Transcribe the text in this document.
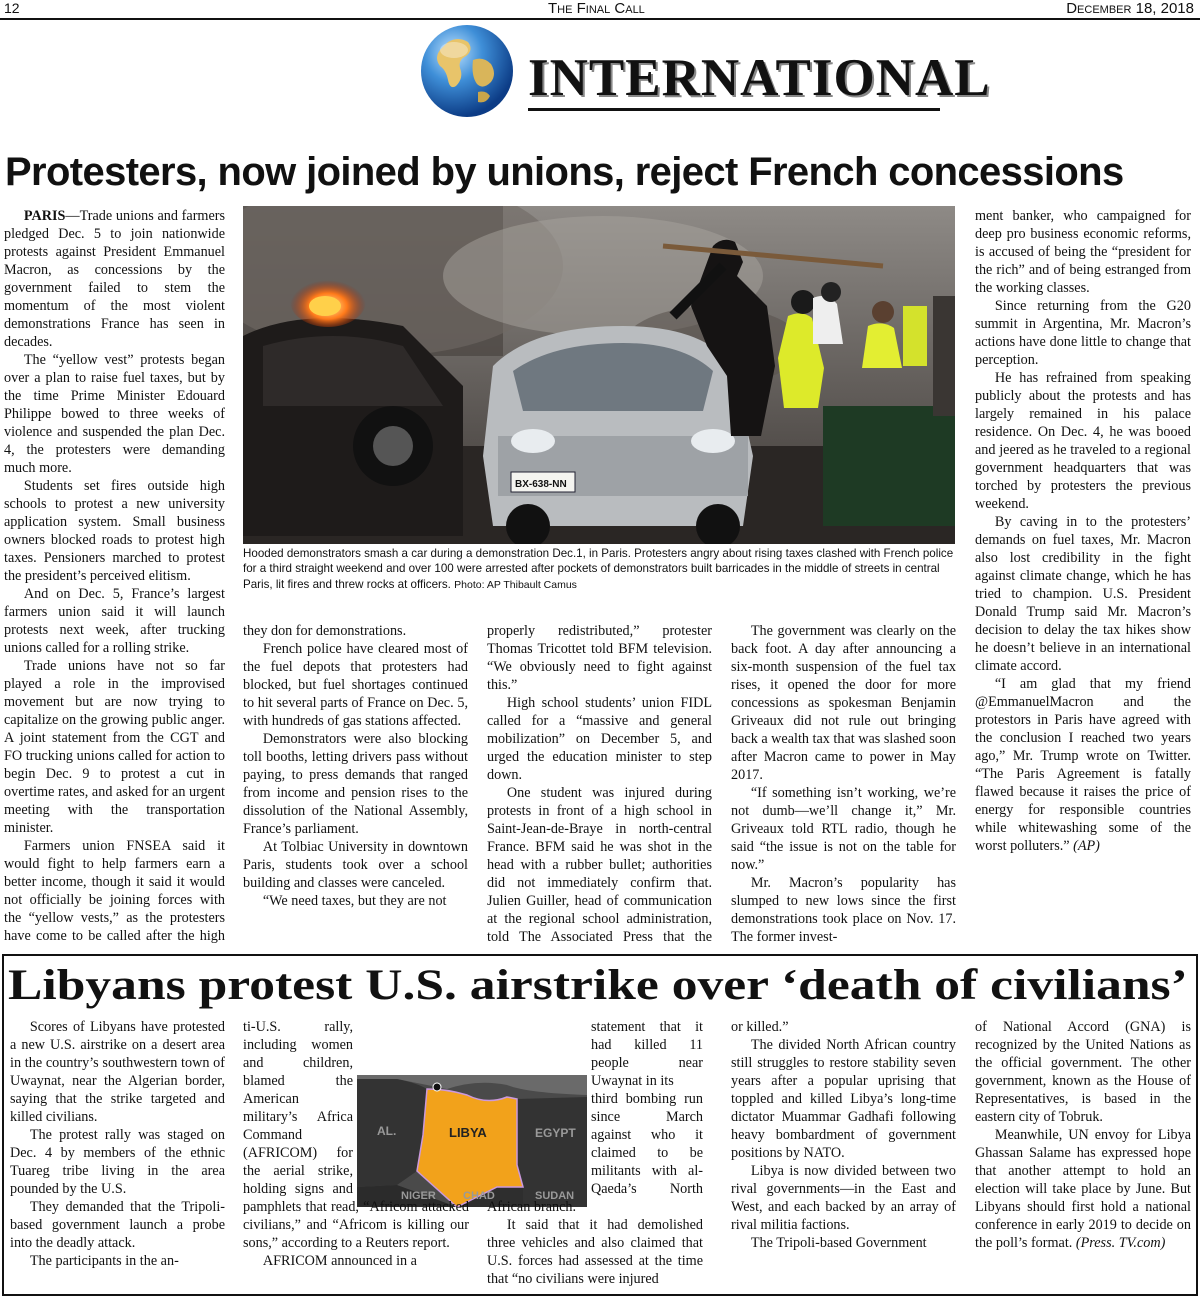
12	The Final Call	December 18, 2018
INTERNATIONAL
Protesters, now joined by unions, reject French concessions
BX-638-NN
Hooded demonstrators smash a car during a demonstration Dec.1, in Paris. Protesters angry about rising taxes clashed with French police for a third straight weekend and over 100 were arrested after pockets of demonstrators built barricades in the middle of streets in central Paris, lit fires and threw rocks at officers. Photo: AP Thibault Camus

PARIS—Trade unions and farmers pledged Dec. 5 to join nationwide protests against President Emmanuel Macron, as concessions by the government failed to stem the momentum of the most violent demonstrations France has seen in decades.

The “yellow vest” protests began over a plan to raise fuel taxes, but by the time Prime Minister Edouard Philippe bowed to three weeks of violence and suspended the plan Dec. 4, the protesters were demanding much more.

Students set fires outside high schools to protest a new university application system. Small business owners blocked roads to protest high taxes. Pensioners marched to protest the president’s perceived elitism.

And on Dec. 5, France’s largest farmers union said it will launch protests next week, after trucking unions called for a rolling strike.

Trade unions have not so far played a role in the improvised movement but are now trying to capitalize on the growing public anger. A joint statement from the CGT and FO trucking unions called for action to begin Dec. 9 to protest a cut in overtime rates, and asked for an urgent meeting with the transportation minister.

Farmers union FNSEA said it would fight to help farmers earn a better income, though it said it would not officially be joining forces with the “yellow vests,” as the protesters have come to be called after the high

they don for demonstrations.

French police have cleared most of the fuel depots that protesters had blocked, but fuel shortages continued to hit several parts of France on Dec. 5, with hundreds of gas stations affected.

Demonstrators were also blocking toll booths, letting drivers pass without paying, to press demands that ranged from income and pension rises to the dissolution of the National Assembly, France’s parliament.

At Tolbiac University in downtown Paris, students took over a school building and classes were canceled.

“We need taxes, but they are not

properly redistributed,” protester Thomas Tricottet told BFM television. “We obviously need to fight against this.”

High school students’ union FIDL called for a “massive and general mobilization” on December 5, and urged the education minister to step down.

One student was injured during protests in front of a high school in Saint-Jean-de-Braye in north-central France. BFM said he was shot in the head with a rubber bullet; authorities did not immediately confirm that. Julien Guiller, head of communication at the regional school administration, told The Associated Press that the

The government was clearly on the back foot. A day after announcing a six-month suspension of the fuel tax rises, it opened the door for more concessions as spokesman Benjamin Griveaux did not rule out bringing back a wealth tax that was slashed soon after Macron came to power in May 2017.

“If something isn’t working, we’re not dumb—we’ll change it,” Mr. Griveaux told RTL radio, though he said “the issue is not on the table for now.”

Mr. Macron’s popularity has slumped to new lows since the first demonstrations took place on Nov. 17. The former invest-

ment banker, who campaigned for deep pro business economic reforms, is accused of being the “president for the rich” and of being estranged from the working classes.

Since returning from the G20 summit in Argentina, Mr. Macron’s actions have done little to change that perception.

He has refrained from speaking publicly about the protests and has largely remained in his palace residence. On Dec. 4, he was booed and jeered as he traveled to a regional government headquarters that was torched by protesters the previous weekend.

By caving in to the protesters’ demands on fuel taxes, Mr. Macron also lost credibility in the fight against climate change, which he has tried to champion. U.S. President Donald Trump said Mr. Macron’s decision to delay the tax hikes show he doesn’t believe in an international climate accord.

“I am glad that my friend @EmmanuelMacron and the protestors in Paris have agreed with the conclusion I reached two years ago,” Mr. Trump wrote on Twitter. “The Paris Agreement is fatally flawed because it raises the price of energy for responsible countries while whitewashing some of the worst polluters.” (AP)

Libyans protest U.S. airstrike over ‘death of civilians’
LIBYA	EGYPT
AL.
NIGER CHAD	SUDAN

Scores of Libyans have protested a new U.S. airstrike on a desert area in the country’s southwestern town of Uwaynat, near the Algerian border, saying that the strike targeted and killed civilians.

The protest rally was staged on Dec. 4 by members of the ethnic Tuareg tribe living in the area pounded by the U.S.

They demanded that the Tripoli-based government launch a probe into the deadly attack.

The participants in the an-

ti-U.S. rally, including women and children, blamed the American military’s Africa Command (AFRICOM) for the aerial strike, holding signs and pamphlets that read, “Africom attacked civilians,” and “Africom is killing our sons,” according to a Reuters report.

AFRICOM announced in a

statement that it had killed 11 people near Uwaynat in its

third bombing run since March against who it claimed to be militants with al-Qaeda’s North African branch.

It said that it had demolished three vehicles and also claimed that U.S. forces had assessed at the time that “no civilians were injured

or killed.”

The divided North African country still struggles to restore stability seven years after a popular uprising that toppled and killed Libya’s long-time dictator Muammar Gadhafi following heavy bombardment of government positions by NATO.

Libya is now divided between two rival governments—in the East and West, and each backed by an array of rival militia factions.

The Tripoli-based Government

of National Accord (GNA) is recognized by the United Nations as the official government. The other government, known as the House of Representatives, is based in the eastern city of Tobruk.

Meanwhile, UN envoy for Libya Ghassan Salame has expressed hope that another attempt to hold an election will take place by June. But Libyans should first hold a national conference in early 2019 to decide on the poll’s format. (Press. TV.com)
